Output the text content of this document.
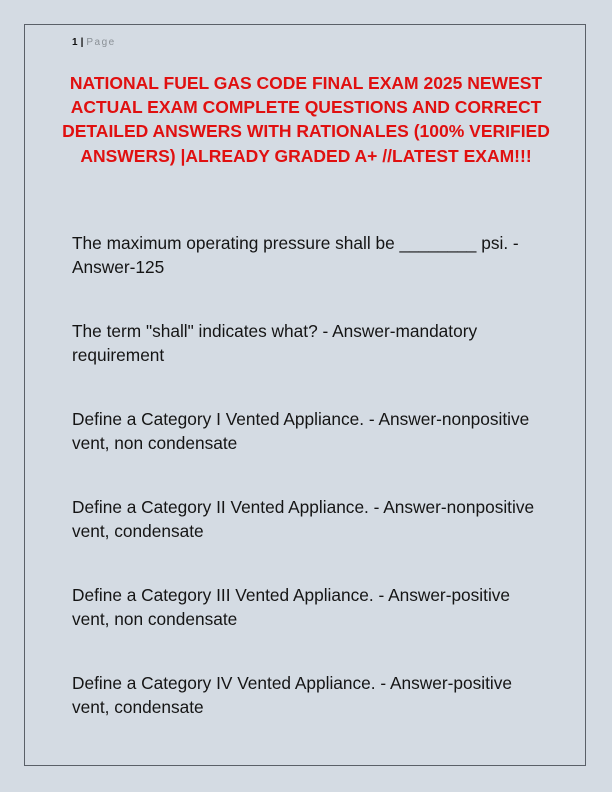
1 | Page
NATIONAL FUEL GAS CODE FINAL EXAM 2025 NEWEST ACTUAL EXAM COMPLETE QUESTIONS AND CORRECT DETAILED ANSWERS WITH RATIONALES (100% VERIFIED ANSWERS) |ALREADY GRADED A+ //LATEST EXAM!!!
The maximum operating pressure shall be ________ psi. - Answer-125
The term "shall" indicates what? - Answer-mandatory requirement
Define a Category I Vented Appliance. - Answer-nonpositive vent, non condensate
Define a Category II Vented Appliance. - Answer-nonpositive vent, condensate
Define a Category III Vented Appliance. - Answer-positive vent, non condensate
Define a Category IV Vented Appliance. - Answer-positive vent, condensate
